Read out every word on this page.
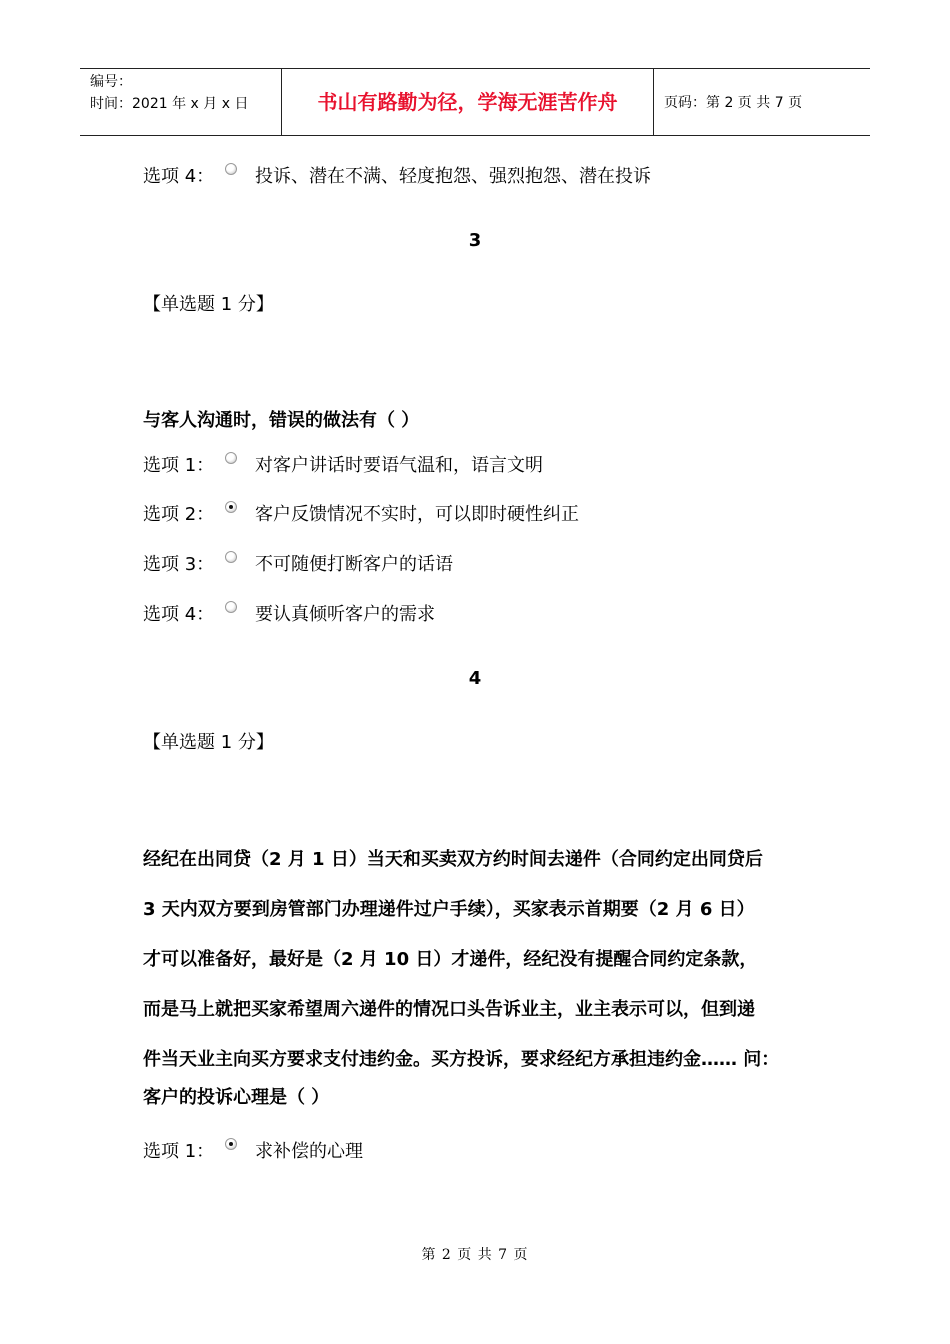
编号：
时间：2021 年 x 月 x 日	书山有路勤为径，学海无涯苦作舟	页码：第 2 页 共 7 页
选项 4：	投诉、潜在不满、轻度抱怨、强烈抱怨、潜在投诉
3
【单选题 1 分】
与客人沟通时，错误的做法有（ ）
选项 1：	对客户讲话时要语气温和，语言文明
选项 2：	客户反馈情况不实时，可以即时硬性纠正
选项 3：	不可随便打断客户的话语
选项 4：	要认真倾听客户的需求
4
【单选题 1 分】
经纪在出同贷（2 月 1 日）当天和买卖双方约时间去递件（合同约定出同贷后
3 天内双方要到房管部门办理递件过户手续），买家表示首期要（2 月 6 日）
才可以准备好，最好是（2 月 10 日）才递件，经纪没有提醒合同约定条款，
而是马上就把买家希望周六递件的情况口头告诉业主，业主表示可以，但到递
件当天业主向买方要求支付违约金。买方投诉，要求经纪方承担违约金…… 问：
客户的投诉心理是（ ）
选项 1：	求补偿的心理
第 2 页 共 7 页
